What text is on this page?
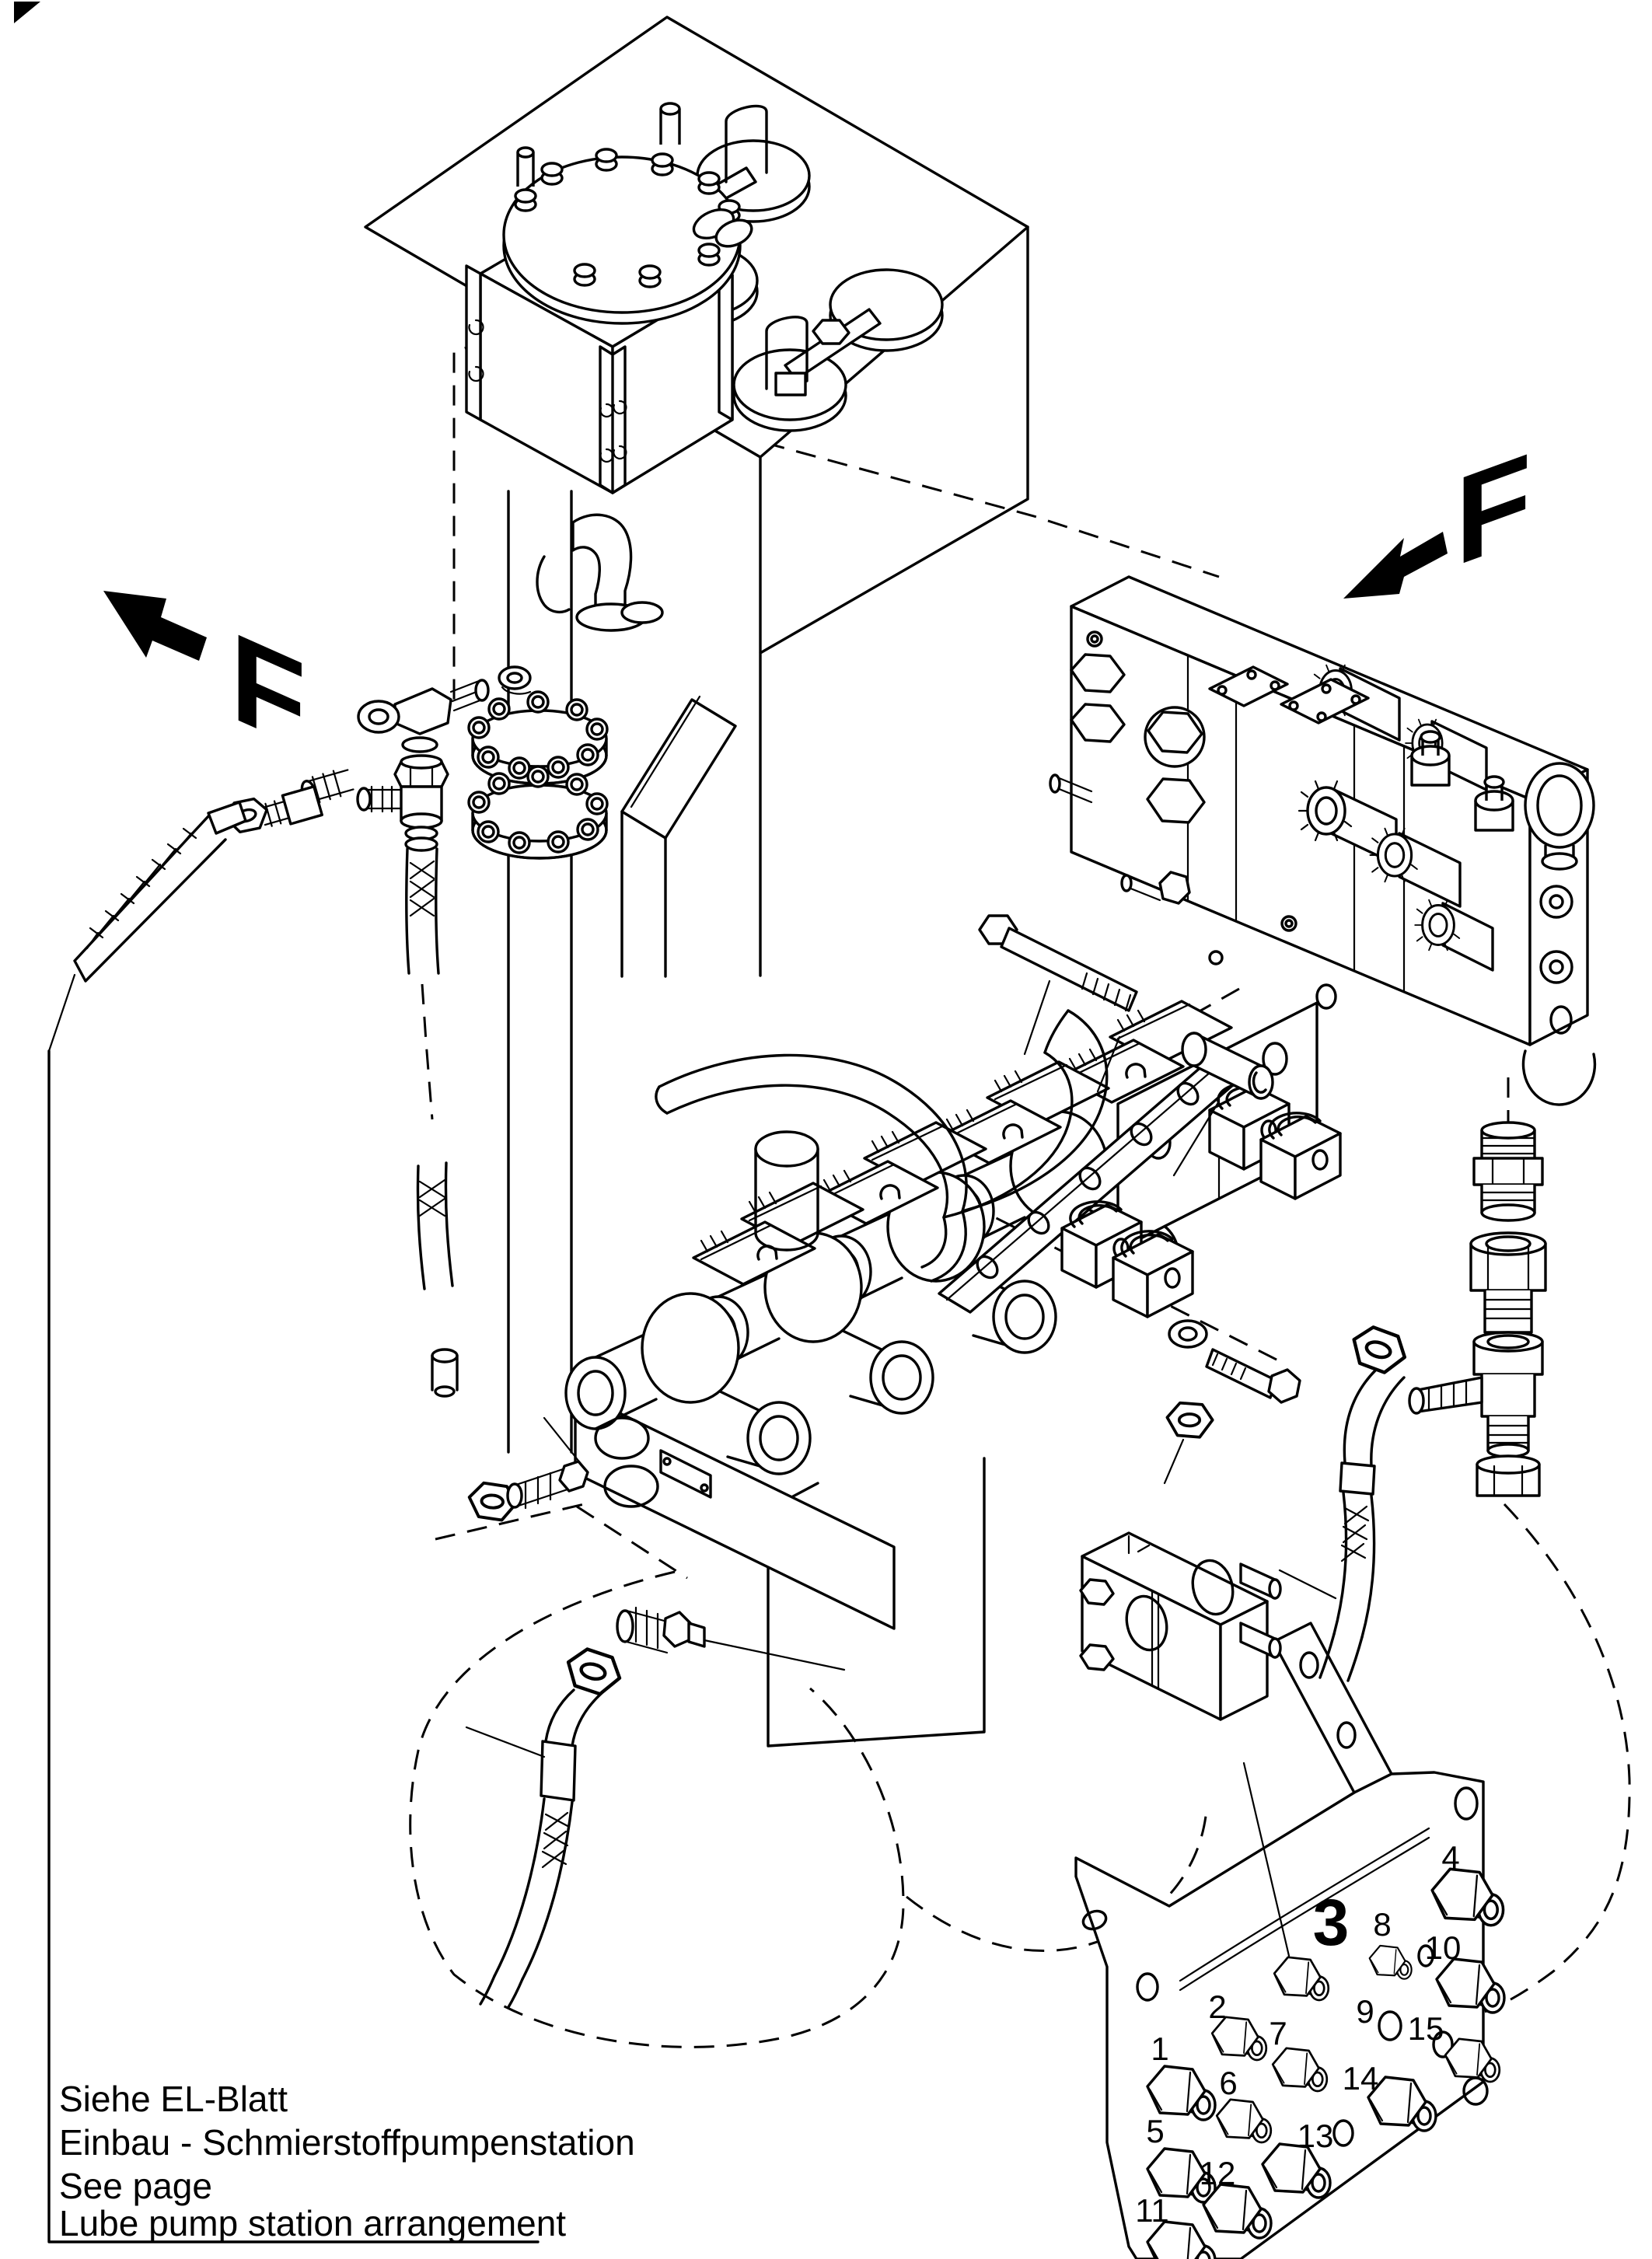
1
2
4
5
6
7
8
9
10
11
12
13
14
15
3
F
F
Siehe EL-Blatt
Einbau - Schmierstoffpumpenstation
See page
Lube pump station arrangement
